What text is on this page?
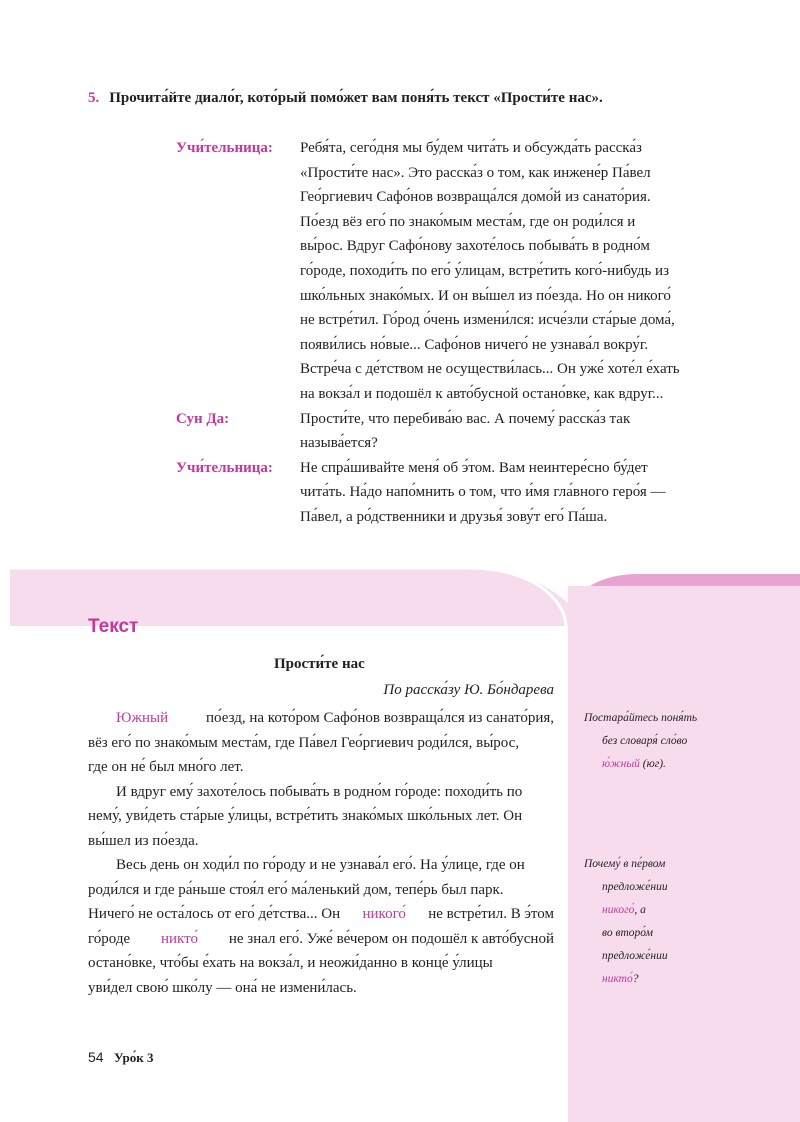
5. Прочита́йте диало́г, кото́рый помо́жет вам поня́ть текст «Прости́те нас».
Учи́тельница:	Ребя́та, сего́дня мы бу́дем чита́ть и обсужда́ть расска́з
«Прости́те нас». Это расска́з о том, как инжене́р Па́вел
Гео́ргиевич Сафо́нов возвраща́лся домо́й из санато́рия.
По́езд вёз его́ по знако́мым места́м, где он роди́лся и
вы́рос. Вдруг Сафо́нову захоте́лось побыва́ть в родно́м
го́роде, походи́ть по его́ у́лицам, встре́тить кого́-нибудь из
шко́льных знако́мых. И он вы́шел из по́езда. Но он никого́
не встре́тил. Го́род о́чень измени́лся: исче́зли ста́рые дома́,
появи́лись но́вые... Сафо́нов ничего́ не узнава́л вокру́г.
Встре́ча с де́тством не осуществи́лась... Он уже́ хоте́л е́хать
на вокза́л и подошёл к авто́бусной остано́вке, как вдруг...
Сун Да:	Прости́те, что перебива́ю вас. А почему́ расска́з так
называ́ется?
Учи́тельница:	Не спра́шивайте меня́ об э́том. Вам неинтере́сно бу́дет
чита́ть. На́до напо́мнить о том, что и́мя гла́вного геро́я —
Па́вел, а ро́дственники и друзья́ зову́т его́ Па́ша.
Текст
Прости́те нас
По расска́зу Ю. Бо́ндарева
Южный	по́езд, на кото́ром Сафо́нов возвраща́лся из санато́рия,
вёз его́ по знако́мым места́м, где Па́вел Гео́ргиевич роди́лся, вы́рос,
где он не́ был мно́го лет.
И вдруг ему́ захоте́лось побыва́ть в родно́м го́роде: походи́ть по
нему́, уви́деть ста́рые у́лицы, встре́тить знако́мых шко́льных лет. Он
вы́шел из по́езда.
Весь день он ходи́л по го́роду и не узнава́л его́. На у́лице, где он
роди́лся и где ра́ньше стоя́л его́ ма́ленький дом, тепе́рь был парк.
Ничего́ не оста́лось от его́ де́тства... Он никого́ не встре́тил. В э́том
го́роде никто́ не знал его́. Уже́ ве́чером он подошёл к авто́бусной
остано́вке, что́бы е́хать на вокза́л, и неожи́данно в конце́ у́лицы
уви́дел свою́ шко́лу — она́ не измени́лась.
Постара́йтесь поня́ть
без словаря́ сло́во
ю́жный (юг).
Почему́ в пе́рвом
предложе́нии
никого́, а
во второ́м
предложе́нии
никто́?
54 Уро́к 3
